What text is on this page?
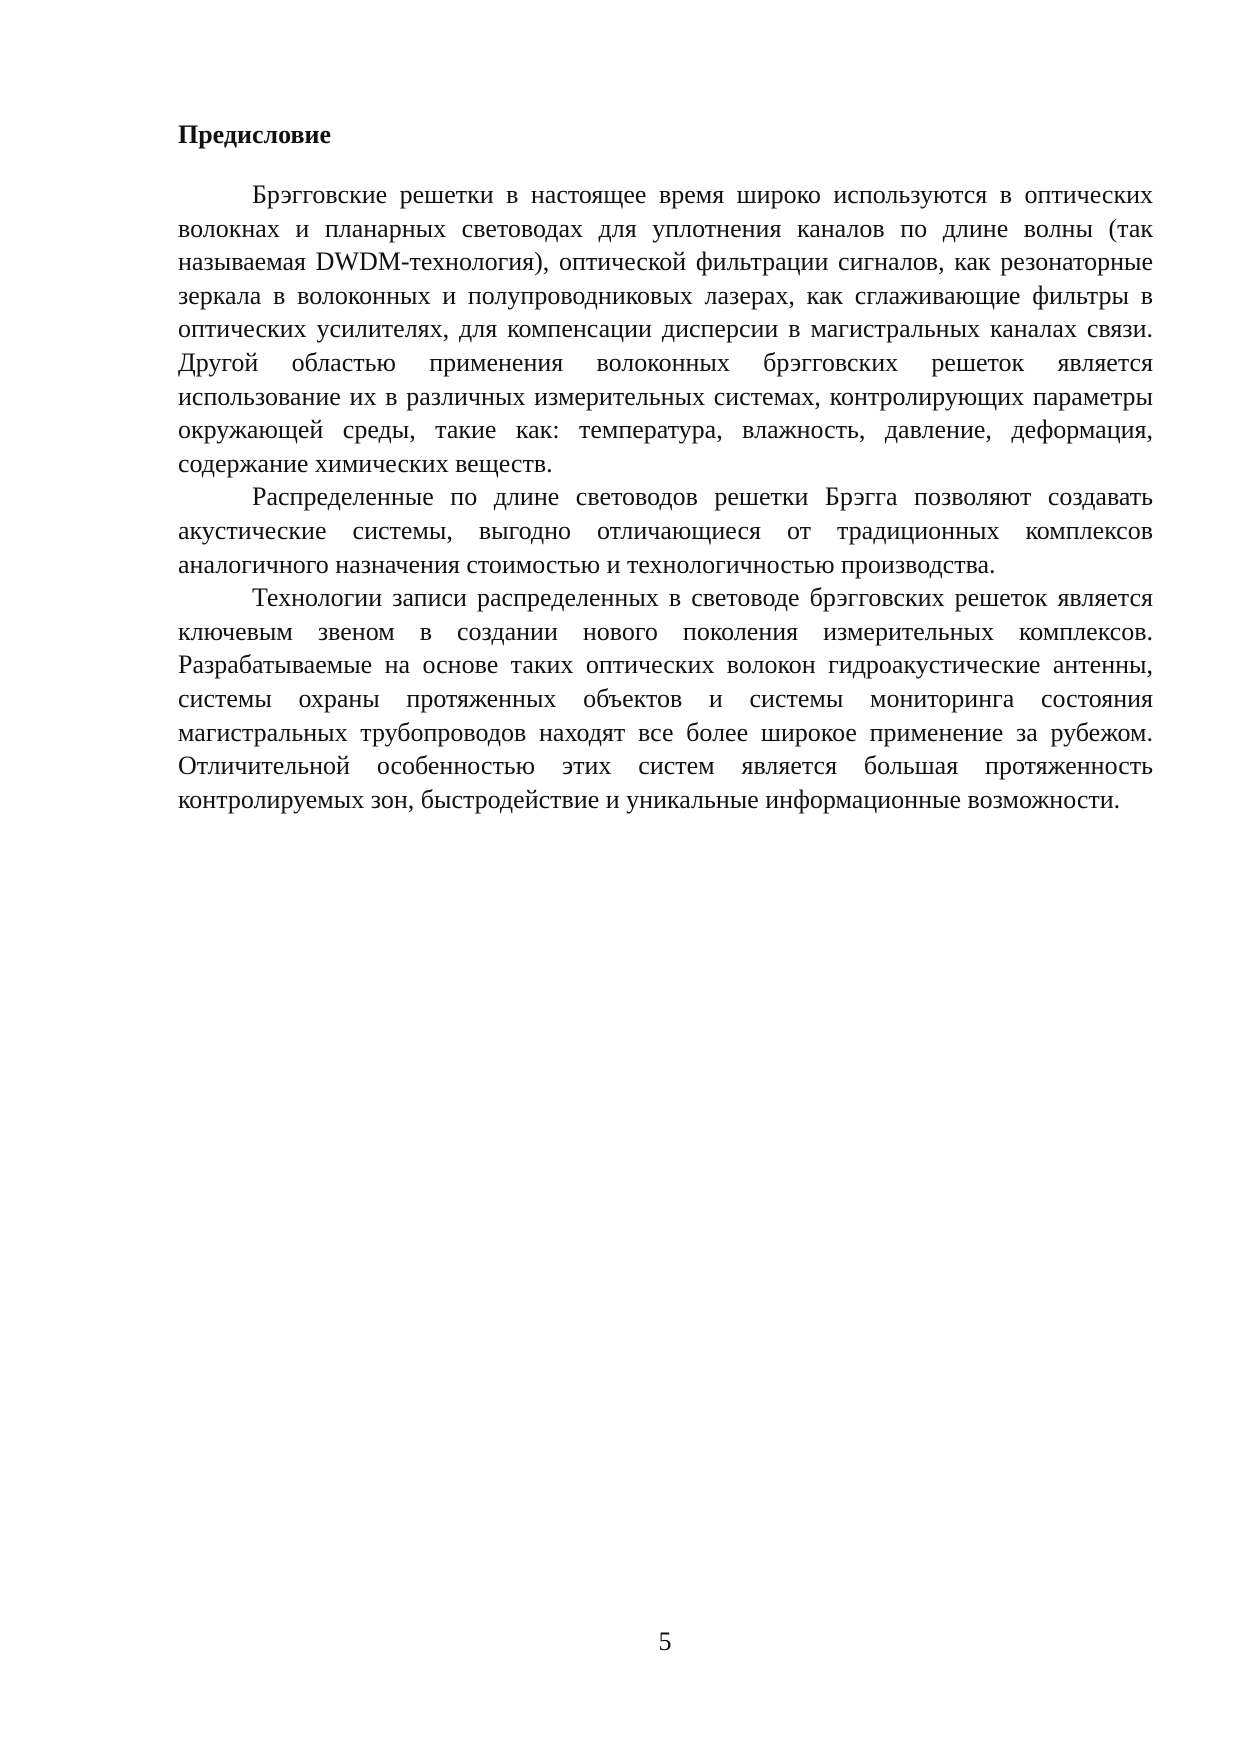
Предисловие

Брэгговские решетки в настоящее время широко используются в оптических волокнах и планарных световодах для уплотнения каналов по длине волны (так называемая DWDM-технология), оптической фильтрации сигналов, как резонаторные зеркала в волоконных и полупроводниковых лазерах, как сглаживающие фильтры в оптических усилителях, для компенсации дисперсии в магистральных каналах связи. Другой областью применения волоконных брэгговских решеток является использование их в различных измерительных системах, контролирующих параметры окружающей среды, такие как: температура, влажность, давление, деформация, содержание химических веществ.

Распределенные по длине световодов решетки Брэгга позволяют создавать акустические системы, выгодно отличающиеся от традиционных комплексов аналогичного назначения стоимостью и технологичностью производства.

Технологии записи распределенных в световоде брэгговских решеток является ключевым звеном в создании нового поколения измерительных комплексов. Разрабатываемые на основе таких оптических волокон гидроакустические антенны, системы охраны протяженных объектов и системы мониторинга состояния магистральных трубопроводов находят все более широкое применение за рубежом. Отличительной особенностью этих систем является большая протяженность контролируемых зон, быстродействие и уникальные информационные возможности.

5
